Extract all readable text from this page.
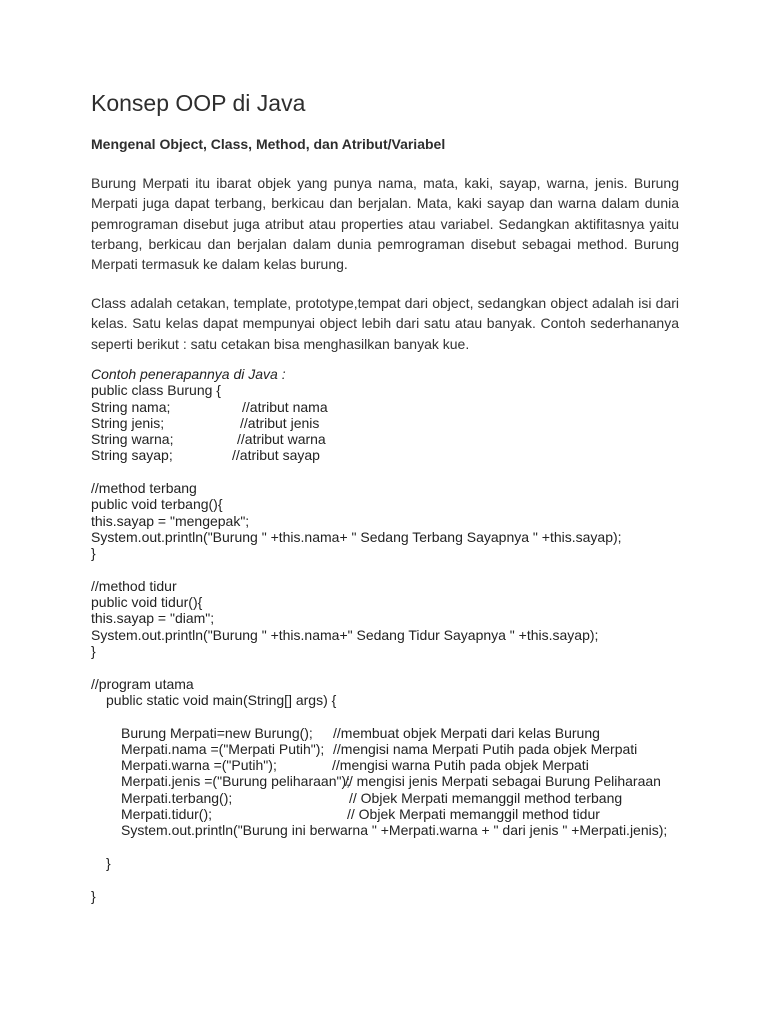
Konsep OOP di Java
Mengenal Object, Class, Method, dan Atribut/Variabel

Burung Merpati itu ibarat objek yang punya nama, mata, kaki, sayap, warna, jenis. Burung
Merpati juga dapat terbang, berkicau dan berjalan. Mata, kaki sayap dan warna dalam dunia
pemrograman disebut juga atribut atau properties atau variabel. Sedangkan aktifitasnya yaitu
terbang, berkicau dan berjalan dalam dunia pemrograman disebut sebagai method. Burung
Merpati termasuk ke dalam kelas burung.

Class adalah cetakan, template, prototype,tempat dari object, sedangkan object adalah isi dari
kelas. Satu kelas dapat mempunyai object lebih dari satu atau banyak. Contoh sederhananya
seperti berikut : satu cetakan bisa menghasilkan banyak kue.

Contoh penerapannya di Java :
public class Burung {

String nama;

	//atribut nama

String jenis;

	//atribut jenis

String warna;

	//atribut warna

String sayap;

	//atribut sayap

//method terbang
public void terbang(){
this.sayap = "mengepak";
System.out.println("Burung " +this.nama+ " Sedang Terbang Sayapnya " +this.sayap);
}
//method tidur
public void tidur(){
this.sayap = "diam";
System.out.println("Burung " +this.nama+" Sedang Tidur Sayapnya " +this.sayap);
}
//program utama
public static void main(String[] args) {

Burung Merpati=new Burung();

//membuat objek Merpati dari kelas Burung

Merpati.nama =("Merpati Putih");

//mengisi nama Merpati Putih pada objek Merpati

Merpati.warna =("Putih");

	//mengisi warna Putih pada objek Merpati

Merpati.jenis =("Burung peliharaan");

// mengisi jenis Merpati sebagai Burung Peliharaan

Merpati.terbang();

	// Objek Merpati memanggil method terbang

Merpati.tidur();

	// Objek Merpati memanggil method tidur

System.out.println("Burung ini berwarna " +Merpati.warna + " dari jenis " +Merpati.jenis);

}
}
